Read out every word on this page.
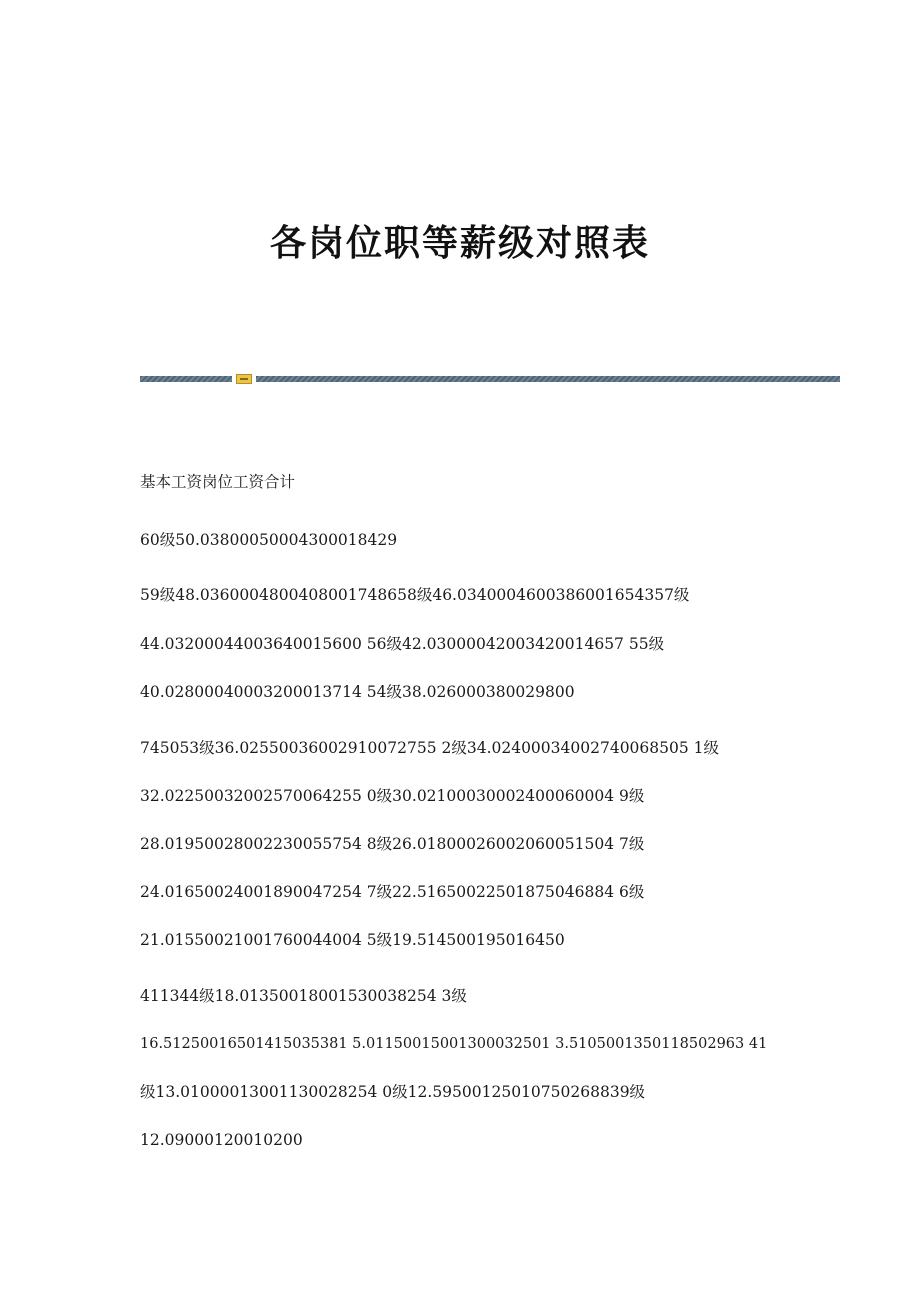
各岗位职等薪级对照表
基本工资岗位工资合计
60级50.03800050004300018429
59级48.0360004800408001748658级46.0340004600386001654357级
44.03200044003640015600 56级42.03000042003420014657 55级
40.02800040003200013714 54级38.026000380029800
745053级36.02550036002910072755 2级34.02400034002740068505 1级
32.02250032002570064255 0级30.02100030002400060004 9级
28.01950028002230055754 8级26.01800026002060051504 7级
24.01650024001890047254 7级22.51650022501875046884 6级
21.01550021001760044004 5级19.514500195016450
411344级18.01350018001530038254 3级
16.51250016501415035381 5.01150015001300032501 3.5105001350118502963 41
级13.01000013001130028254 0级12.59500125010750268839级
12.09000120010200
